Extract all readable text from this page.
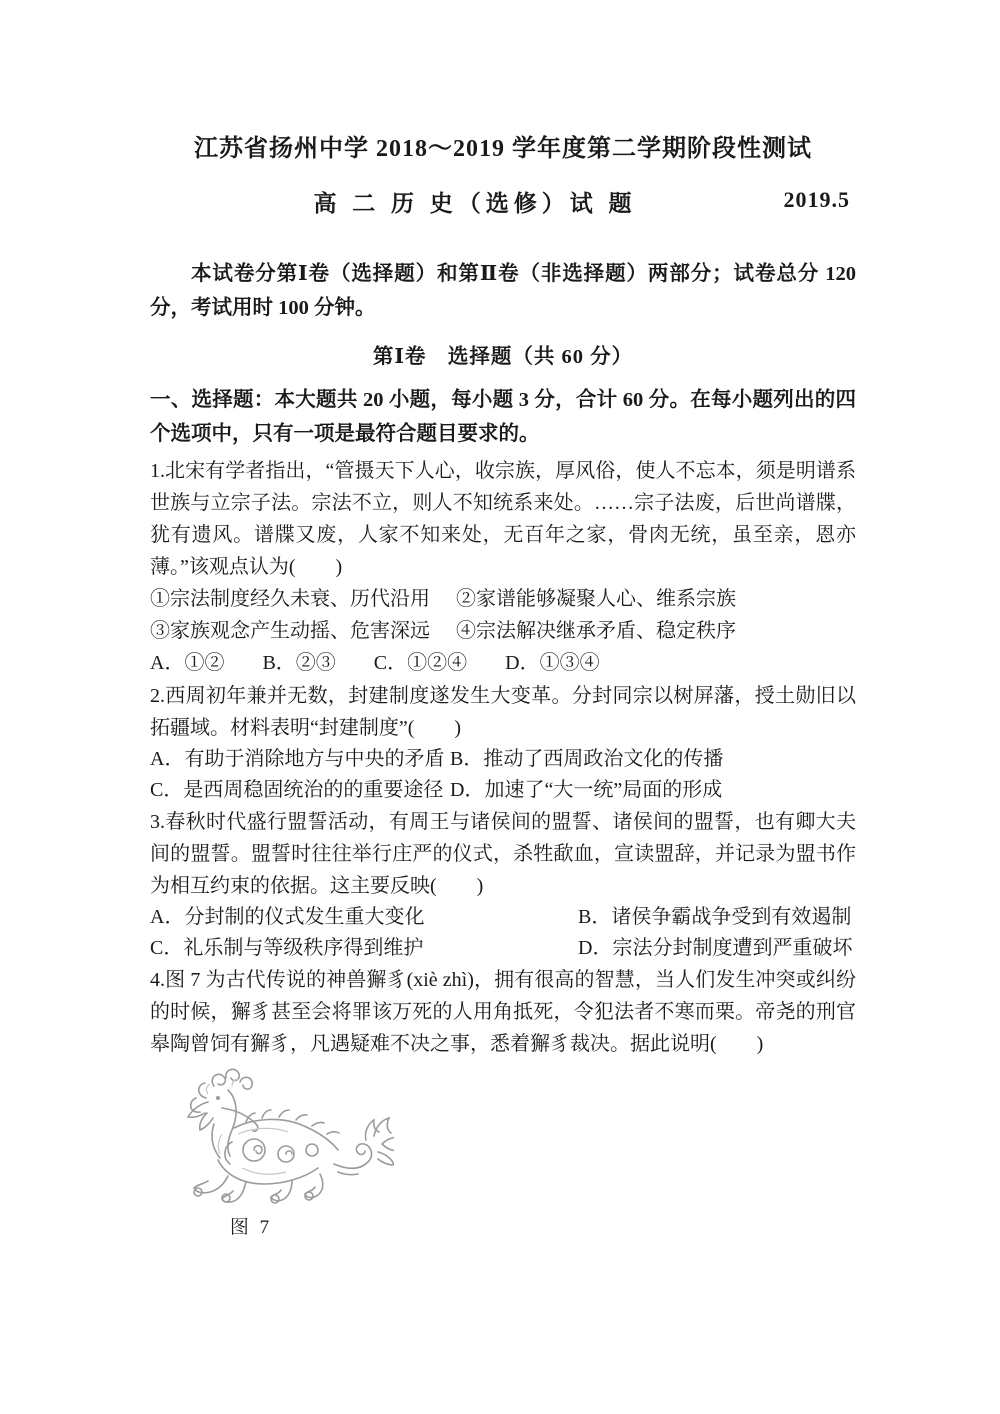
江苏省扬州中学 2018～2019 学年度第二学期阶段性测试
高 二 历 史（选修）试 题	2019.5
本试卷分第Ⅰ卷（选择题）和第Ⅱ卷（非选择题）两部分；试卷总分 120 分，考试用时 100 分钟。
第Ⅰ卷　选择题（共 60 分）
一、选择题：本大题共 20 小题，每小题 3 分，合计 60 分。在每小题列出的四个选项中，只有一项是最符合题目要求的。
1.北宋有学者指出，“管摄天下人心，收宗族，厚风俗，使人不忘本，须是明谱系世族与立宗子法。宗法不立，则人不知统系来处。……宗子法废，后世尚谱牒，犹有遗风。谱牒又废，人家不知来处，无百年之家，骨肉无统，虽至亲，恩亦薄。”该观点认为(　　)
①宗法制度经久未衰、历代沿用 ②家谱能够凝聚人心、维系宗族
③家族观念产生动摇、危害深远 ④宗法解决继承矛盾、稳定秩序
A．①② B．②③ C．①②④ D．①③④
2.西周初年兼并无数，封建制度遂发生大变革。分封同宗以树屏藩，授土勋旧以拓疆域。材料表明“封建制度”(　　)
A．有助于消除地方与中央的矛盾 B．推动了西周政治文化的传播
C．是西周稳固统治的的重要途径 D．加速了“大一统”局面的形成
3.春秋时代盛行盟誓活动，有周王与诸侯间的盟誓、诸侯间的盟誓，也有卿大夫间的盟誓。盟誓时往往举行庄严的仪式，杀牲歃血，宣读盟辞，并记录为盟书作为相互约束的依据。这主要反映(　　)
A．分封制的仪式发生重大变化	B．诸侯争霸战争受到有效遏制
C．礼乐制与等级秩序得到维护	D．宗法分封制度遭到严重破坏
4.图 7 为古代传说的神兽獬豸(xiè zhì)，拥有很高的智慧，当人们发生冲突或纠纷的时候，獬豸甚至会将罪该万死的人用角抵死，令犯法者不寒而栗。帝尧的刑官皋陶曾饲有獬豸，凡遇疑难不决之事，悉着獬豸裁决。据此说明(　　)
图 7
